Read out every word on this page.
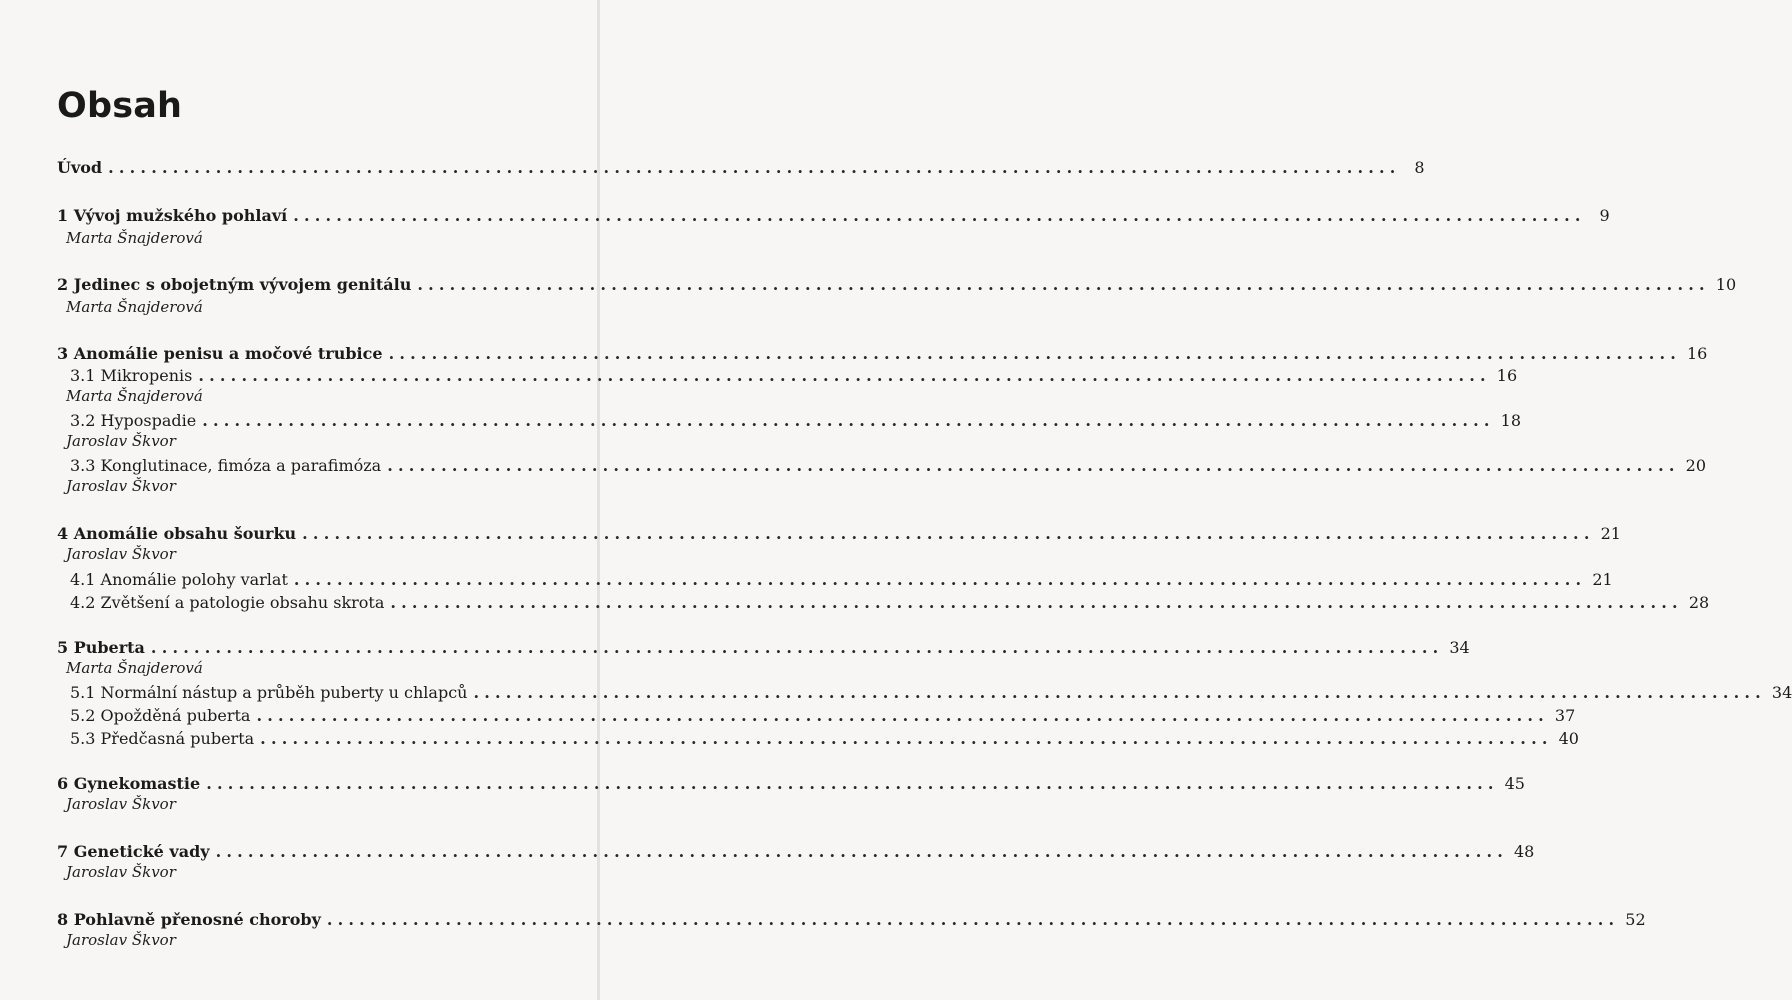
Obsah
Úvod ........................................................................................................................ 8
1 Vývoj mužského pohlaví ........................................................................................................................ 9
Marta Šnajderová
2 Jedinec s obojetným vývojem genitálu ........................................................................................................................ 10
Marta Šnajderová
3 Anomálie penisu a močové trubice ........................................................................................................................ 16
3.1 Mikropenis ........................................................................................................................ 16
Marta Šnajderová
3.2 Hypospadie ........................................................................................................................ 18
Jaroslav Škvor
3.3 Konglutinace, fimóza a parafimóza ........................................................................................................................ 20
Jaroslav Škvor
4 Anomálie obsahu šourku ........................................................................................................................ 21
Jaroslav Škvor
4.1 Anomálie polohy varlat ........................................................................................................................ 21
4.2 Zvětšení a patologie obsahu skrota ........................................................................................................................ 28
5 Puberta ........................................................................................................................ 34
Marta Šnajderová
5.1 Normální nástup a průběh puberty u chlapců ........................................................................................................................ 34
5.2 Opožděná puberta ........................................................................................................................ 37
5.3 Předčasná puberta ........................................................................................................................ 40
6 Gynekomastie ........................................................................................................................ 45
Jaroslav Škvor
7 Genetické vady ........................................................................................................................ 48
Jaroslav Škvor
8 Pohlavně přenosné choroby ........................................................................................................................ 52
Jaroslav Škvor
